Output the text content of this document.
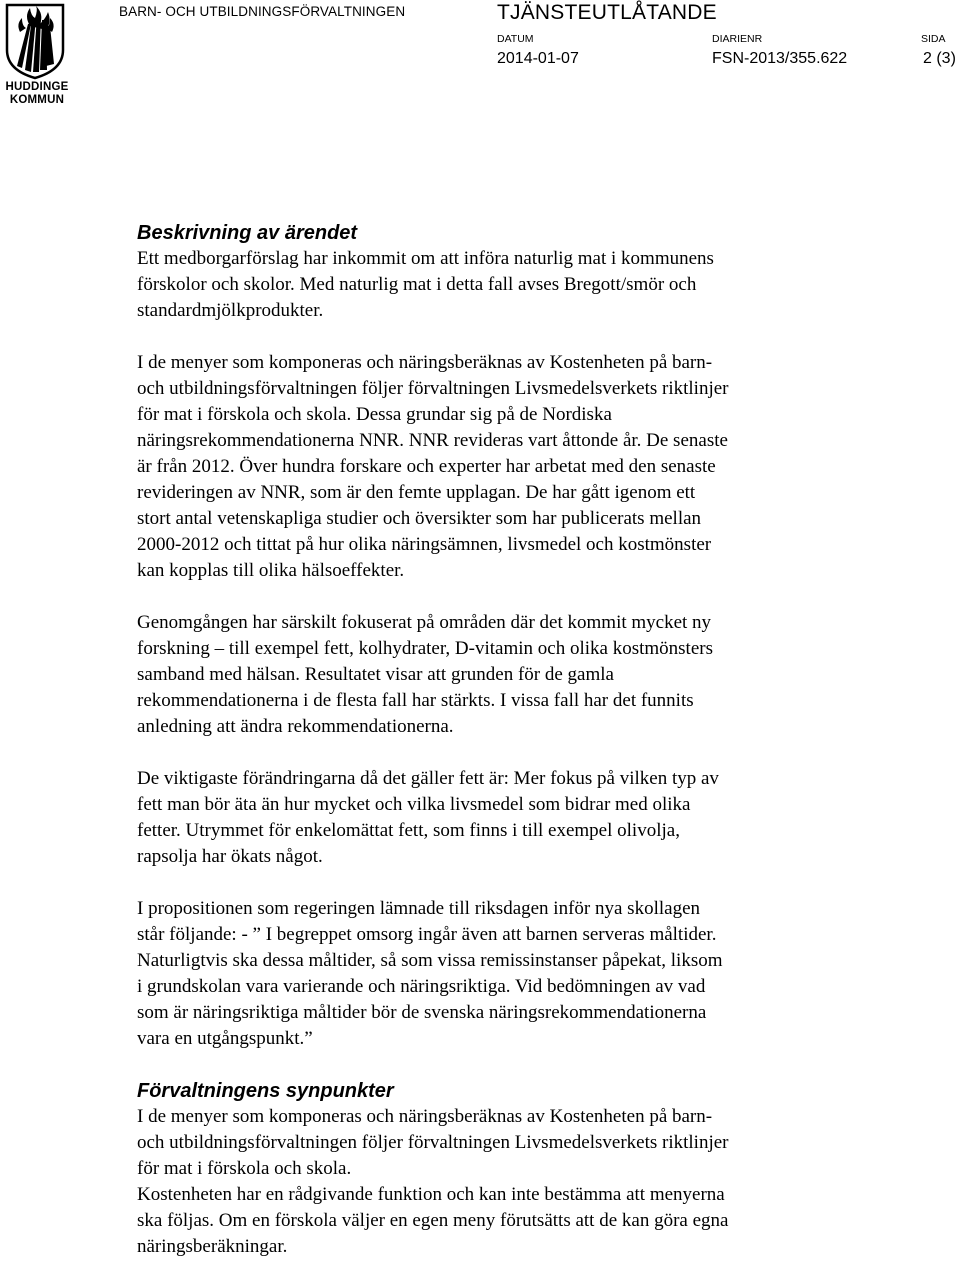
HUDDINGE
KOMMUN
BARN- OCH UTBILDNINGSFÖRVALTNINGEN	TJÄNSTEUTLÅTANDE
DATUM	DIARIENR	SIDA
2014-01-07	FSN-2013/355.622	2 (3)
Beskrivning av ärendet

Ett medborgarförslag har inkommit om att införa naturlig mat i kommunens
förskolor och skolor. Med naturlig mat i detta fall avses Bregott/smör och
standardmjölkprodukter.

I de menyer som komponeras och näringsberäknas av Kostenheten på barn-
och utbildningsförvaltningen följer förvaltningen Livsmedelsverkets riktlinjer
för mat i förskola och skola. Dessa grundar sig på de Nordiska
näringsrekommendationerna NNR. NNR revideras vart åttonde år. De senaste
är från 2012. Över hundra forskare och experter har arbetat med den senaste
revideringen av NNR, som är den femte upplagan. De har gått igenom ett
stort antal vetenskapliga studier och översikter som har publicerats mellan
2000-2012 och tittat på hur olika näringsämnen, livsmedel och kostmönster
kan kopplas till olika hälsoeffekter.

Genomgången har särskilt fokuserat på områden där det kommit mycket ny
forskning – till exempel fett, kolhydrater, D-vitamin och olika kostmönsters
samband med hälsan. Resultatet visar att grunden för de gamla
rekommendationerna i de flesta fall har stärkts. I vissa fall har det funnits
anledning att ändra rekommendationerna.

De viktigaste förändringarna då det gäller fett är: Mer fokus på vilken typ av
fett man bör äta än hur mycket och vilka livsmedel som bidrar med olika
fetter. Utrymmet för enkelomättat fett, som finns i till exempel olivolja,
rapsolja har ökats något.

I propositionen som regeringen lämnade till riksdagen inför nya skollagen
står följande: - ” I begreppet omsorg ingår även att barnen serveras måltider.
Naturligtvis ska dessa måltider, så som vissa remissinstanser påpekat, liksom
i grundskolan vara varierande och näringsriktiga. Vid bedömningen av vad
som är näringsriktiga måltider bör de svenska näringsrekommendationerna
vara en utgångspunkt.”

Förvaltningens synpunkter

I de menyer som komponeras och näringsberäknas av Kostenheten på barn-
och utbildningsförvaltningen följer förvaltningen Livsmedelsverkets riktlinjer
för mat i förskola och skola.

Kostenheten har en rådgivande funktion och kan inte bestämma att menyerna
ska följas. Om en förskola väljer en egen meny förutsätts att de kan göra egna
näringsberäkningar.
